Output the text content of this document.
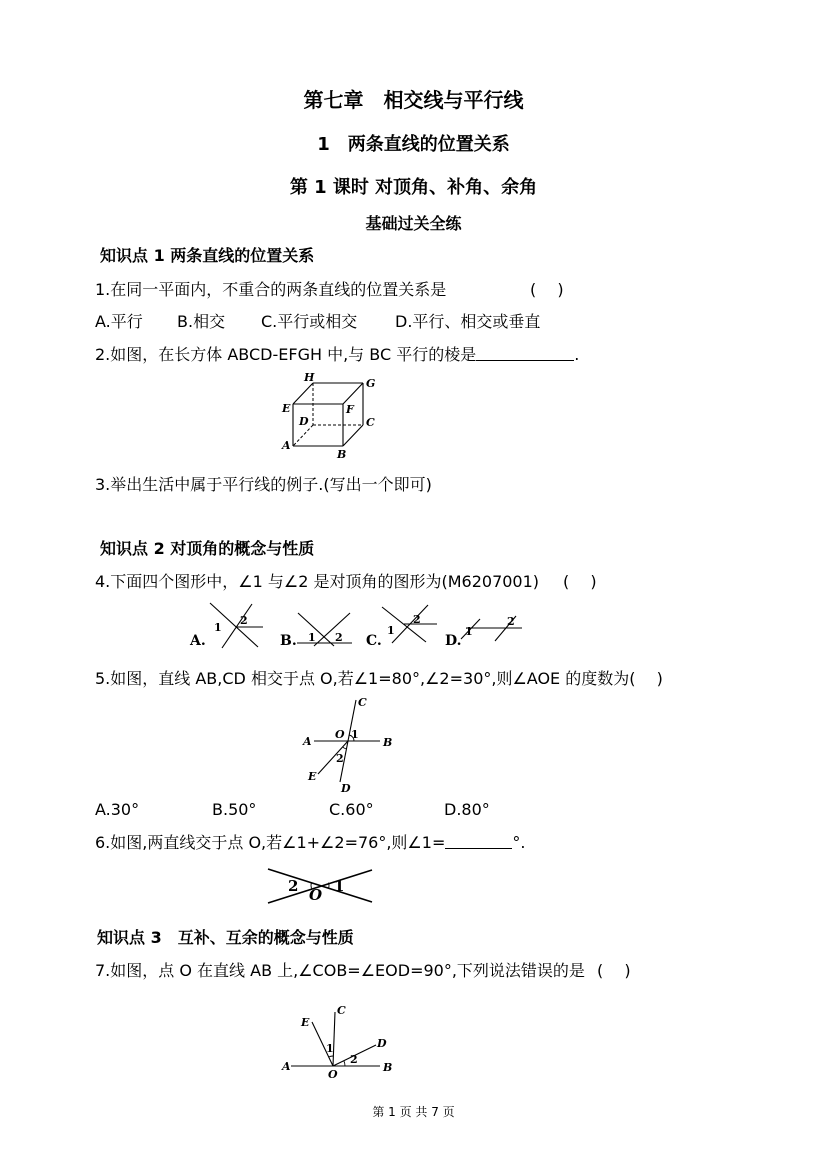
H	G
E	F
D	C
A
B
A.
1
2
B. 1 2 C.
1
2
D.
1
2
C
A
O 1
B
2
E
D
2 O 1
C
E
1	D
A
2
O
B
第七章　相交线与平行线
1　两条直线的位置关系
第 1 课时 对顶角、补角、余角
基础过关全练
知识点 1 两条直线的位置关系
1.在同一平面内，不重合的两条直线的位置关系是	(　 )
A.平行 B.相交 C.平行或相交 D.平行、相交或垂直
2.如图，在长方体 ABCD-EFGH 中,与 BC 平行的棱是	.
3.举出生活中属于平行线的例子.(写出一个即可)
知识点 2 对顶角的概念与性质
4.下面四个图形中，∠1 与∠2 是对顶角的图形为(M6207001) (　 )
5.如图，直线 AB,CD 相交于点 O,若∠1=80°,∠2=30°,则∠AOE 的度数为(　 )
A.30°	B.50°	C.60°	D.80°
6.如图,两直线交于点 O,若∠1+∠2=76°,则∠1=	°.
知识点 3　互补、互余的概念与性质
7.如图，点 O 在直线 AB 上,∠COB=∠EOD=90°,下列说法错误的是 (　 )
第 1 页 共 7 页
